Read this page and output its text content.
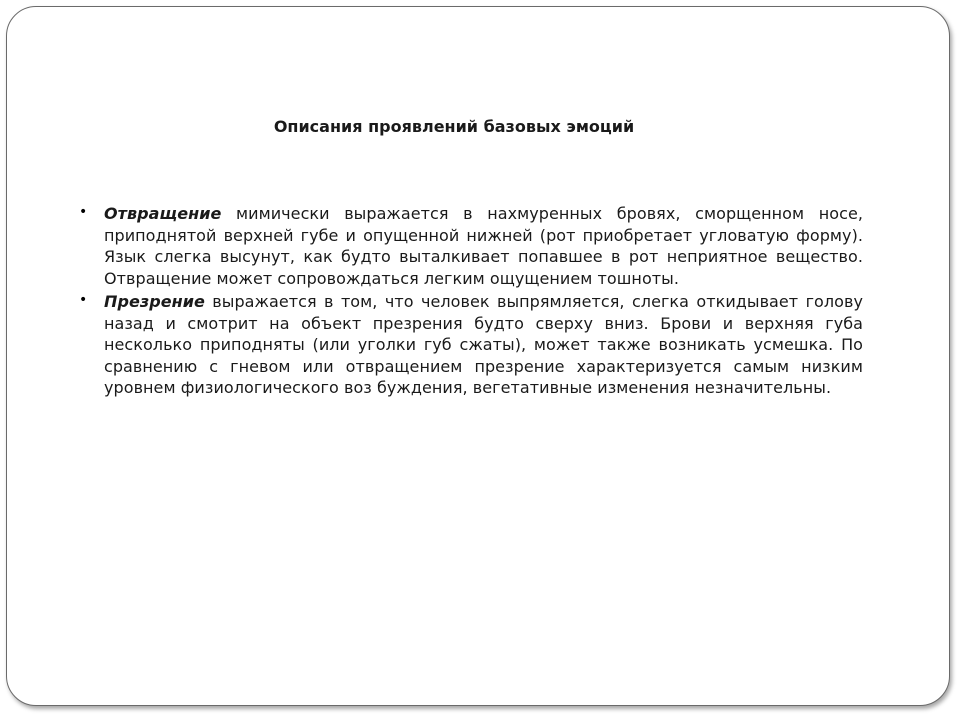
Описания проявлений базовых эмоций
• Отвращение мимически выражается в нахмуренных бровях, сморщенном носе, приподнятой верхней губе и опущенной нижней (рот приобретает угловатую форму). Язык слегка высунут, как будто выталкивает попавшее в рот неприятное вещество. Отвращение может сопровождаться легким ощущением тошноты.
• Презрение выражается в том, что человек выпрямляется, слегка откидывает голову назад и смотрит на объект презрения будто сверху вниз. Брови и верхняя губа несколько приподняты (или уголки губ сжаты), может также возникать усмешка. По сравнению с гневом или отвращением презрение характеризуется самым низким уровнем физиологического воз буждения, вегетативные изменения незначительны.
